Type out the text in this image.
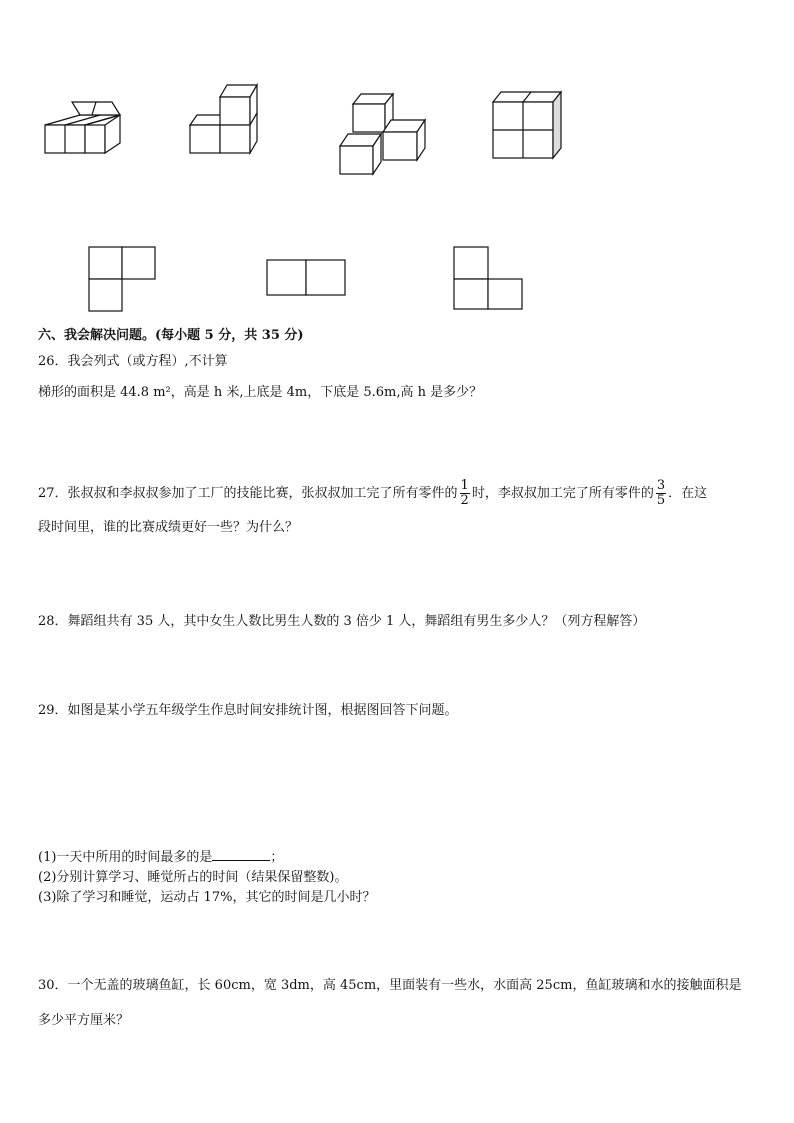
六、我会解决问题。(每小题 5 分，共 35 分)
26．我会列式（或方程）,不计算
梯形的面积是 44.8 m²，高是 h 米,上底是 4m，下底是 5.6m,高 h 是多少？
27．张叔叔和李叔叔参加了工厂的技能比赛，张叔叔加工完了所有零件的 $\frac{1}{2}$ 时，李叔叔加工完了所有零件的 $\frac{3}{5}$ ．在这
段时间里，谁的比赛成绩更好一些？为什么？
28．舞蹈组共有 35 人，其中女生人数比男生人数的 3 倍少 1 人，舞蹈组有男生多少人？（列方程解答）
29．如图是某小学五年级学生作息时间安排统计图，根据图回答下问题。
(1)一天中所用的时间最多的是	；
(2)分别计算学习、睡觉所占的时间（结果保留整数)。
(3)除了学习和睡觉，运动占 17%，其它的时间是几小时？
30．一个无盖的玻璃鱼缸，长 60cm，宽 3dm，高 45cm，里面装有一些水，水面高 25cm，鱼缸玻璃和水的接触面积是
多少平方厘米？
